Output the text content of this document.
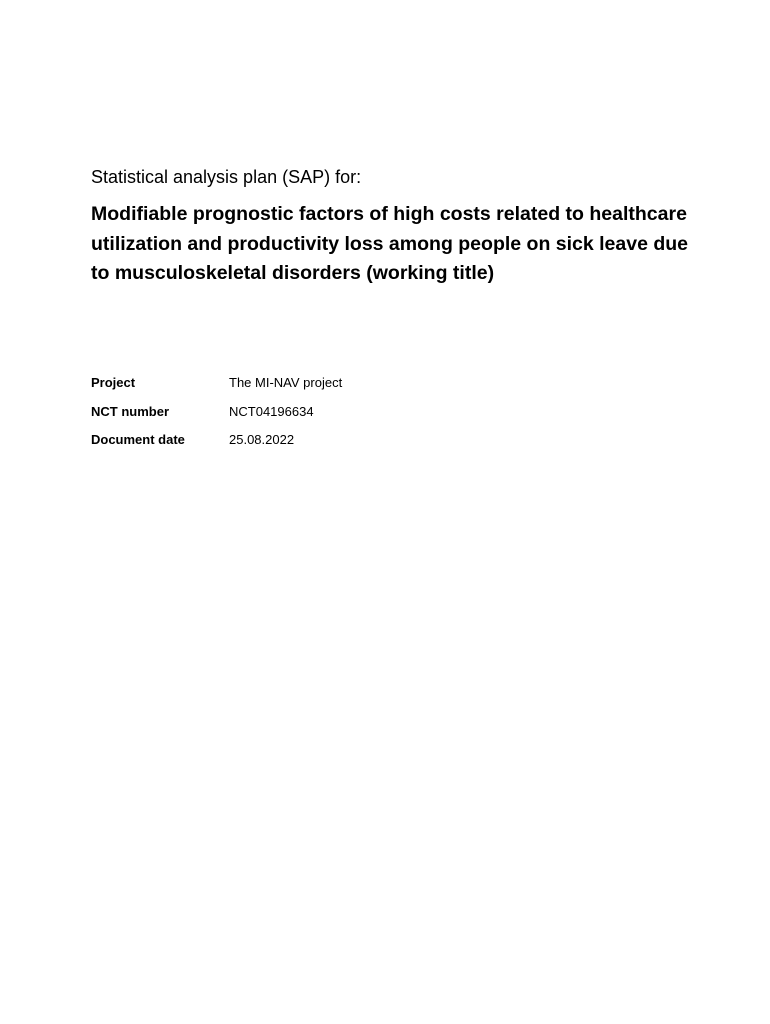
Statistical analysis plan (SAP) for:

Modifiable prognostic factors of high costs related to healthcare utilization and productivity loss among people on sick leave due to musculoskeletal disorders (working title)
Project	The MI-NAV project
NCT number	NCT04196634
Document date	25.08.2022
